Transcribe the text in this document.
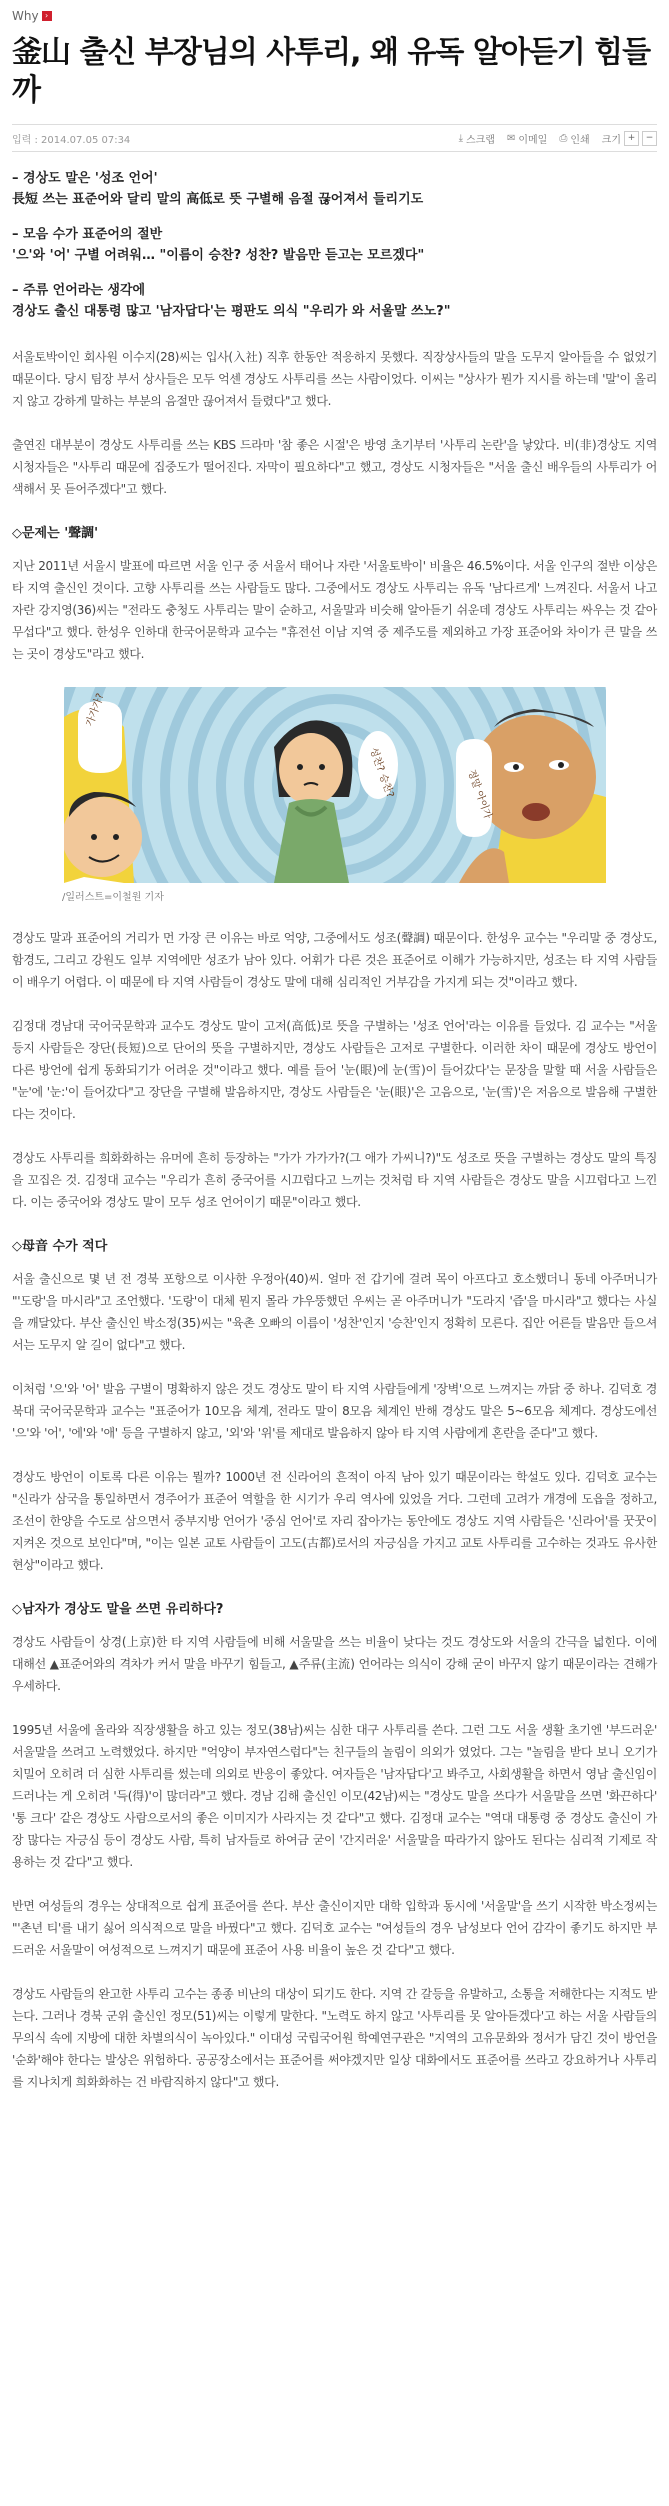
Why ›
釜山 출신 부장님의 사투리, 왜 유독 알아듣기 힘들까
입력 : 2014.07.05 07:34	⤓ 스크랩 ✉ 이메일 ⎙ 인쇄 크기 +	−
– 경상도 말은 '성조 언어'
長短 쓰는 표준어와 달리 말의 高低로 뜻 구별해 음절 끊어져서 들리기도
– 모음 수가 표준어의 절반
'으'와 '어' 구별 어려워… "이름이 승찬? 성찬? 발음만 듣고는 모르겠다"
– 주류 언어라는 생각에
경상도 출신 대통령 많고 '남자답다'는 평판도 의식 "우리가 와 서울말 쓰노?"

서울토박이인 회사원 이수지(28)씨는 입사(入社) 직후 한동안 적응하지 못했다. 직장상사들의 말을 도무지 알아들을 수 없었기 때문이다. 당시 팀장 부서 상사들은 모두 억센 경상도 사투리를 쓰는 사람이었다. 이씨는 "상사가 뭔가 지시를 하는데 '말'이 올리지 않고 강하게 말하는 부분의 음절만 끊어져서 들렸다"고 했다.

출연진 대부분이 경상도 사투리를 쓰는 KBS 드라마 '참 좋은 시절'은 방영 초기부터 '사투리 논란'을 낳았다. 비(非)경상도 지역 시청자들은 "사투리 때문에 집중도가 떨어진다. 자막이 필요하다"고 했고, 경상도 시청자들은 "서울 출신 배우들의 사투리가 어색해서 못 듣어주겠다"고 했다.

◇문제는 '聲調'

지난 2011년 서울시 발표에 따르면 서울 인구 중 서울서 태어나 자란 '서울토박이' 비율은 46.5%이다. 서울 인구의 절반 이상은 타 지역 출신인 것이다. 고향 사투리를 쓰는 사람들도 많다. 그중에서도 경상도 사투리는 유독 '남다르게' 느껴진다. 서울서 나고 자란 강지영(36)씨는 "전라도 충청도 사투리는 말이 순하고, 서울말과 비슷해 알아듣기 쉬운데 경상도 사투리는 싸우는 것 같아 무섭다"고 했다. 한성우 인하대 한국어문학과 교수는 "휴전선 이남 지역 중 제주도를 제외하고 가장 표준어와 차이가 큰 말을 쓰는 곳이 경상도"라고 했다.

가가가?
성찬? 승찬?	정말 아이가
/일러스트=이철원 기자

경상도 말과 표준어의 거리가 먼 가장 큰 이유는 바로 억양, 그중에서도 성조(聲調) 때문이다. 한성우 교수는 "우리말 중 경상도, 함경도, 그리고 강원도 일부 지역에만 성조가 남아 있다. 어휘가 다른 것은 표준어로 이해가 가능하지만, 성조는 타 지역 사람들이 배우기 어렵다. 이 때문에 타 지역 사람들이 경상도 말에 대해 심리적인 거부감을 가지게 되는 것"이라고 했다.

김정대 경남대 국어국문학과 교수도 경상도 말이 고저(高低)로 뜻을 구별하는 '성조 언어'라는 이유를 들었다. 김 교수는 "서울 등지 사람들은 장단(長短)으로 단어의 뜻을 구별하지만, 경상도 사람들은 고저로 구별한다. 이러한 차이 때문에 경상도 방언이 다른 방언에 쉽게 동화되기가 어려운 것"이라고 했다. 예를 들어 '눈(眼)에 눈(雪)이 들어갔다'는 문장을 말할 때 서울 사람들은 "눈'에 '눈:'이 들어갔다"고 장단을 구별해 발음하지만, 경상도 사람들은 '눈(眼)'은 고음으로, '눈(雪)'은 저음으로 발음해 구별한다는 것이다.

경상도 사투리를 희화화하는 유머에 흔히 등장하는 "가가 가가가?(그 애가 가씨니?)"도 성조로 뜻을 구별하는 경상도 말의 특징을 꼬집은 것. 김정대 교수는 "우리가 흔히 중국어를 시끄럽다고 느끼는 것처럼 타 지역 사람들은 경상도 말을 시끄럽다고 느낀다. 이는 중국어와 경상도 말이 모두 성조 언어이기 때문"이라고 했다.

◇母音 수가 적다

서울 출신으로 몇 년 전 경북 포항으로 이사한 우정아(40)씨. 얼마 전 갑기에 걸려 목이 아프다고 호소했더니 동네 아주머니가 "'도랑'을 마시라"고 조언했다. '도랑'이 대체 뭔지 몰라 갸우뚱했던 우씨는 곧 아주머니가 "도라지 '즙'을 마시라"고 했다는 사실을 깨달았다. 부산 출신인 박소정(35)씨는 "육촌 오빠의 이름이 '성찬'인지 '승찬'인지 정확히 모른다. 집안 어른들 발음만 들으셔서는 도무지 알 길이 없다"고 했다.

이처럼 '으'와 '어' 발음 구별이 명확하지 않은 것도 경상도 말이 타 지역 사람들에게 '장벽'으로 느껴지는 까닭 중 하나. 김덕호 경북대 국어국문학과 교수는 "표준어가 10모음 체계, 전라도 말이 8모음 체계인 반해 경상도 말은 5~6모음 체계다. 경상도에선 '으'와 '어', '에'와 '애' 등을 구별하지 않고, '외'와 '위'를 제대로 발음하지 않아 타 지역 사람에게 혼란을 준다"고 했다.

경상도 방언이 이토록 다른 이유는 뭘까? 1000년 전 신라어의 흔적이 아직 남아 있기 때문이라는 학설도 있다. 김덕호 교수는 "신라가 삼국을 통일하면서 경주어가 표준어 역할을 한 시기가 우리 역사에 있었을 거다. 그런데 고려가 개경에 도읍을 정하고, 조선이 한양을 수도로 삼으면서 중부지방 언어가 '중심 언어'로 자리 잡아가는 동안에도 경상도 지역 사람들은 '신라어'를 꿋꿋이 지켜온 것으로 보인다"며, "이는 일본 교토 사람들이 고도(古都)로서의 자긍심을 가지고 교토 사투리를 고수하는 것과도 유사한 현상"이라고 했다.

◇남자가 경상도 말을 쓰면 유리하다?

경상도 사람들이 상경(上京)한 타 지역 사람들에 비해 서울말을 쓰는 비율이 낮다는 것도 경상도와 서울의 간극을 넓힌다. 이에 대해선 ▲표준어와의 격차가 커서 말을 바꾸기 힘들고, ▲주류(主流) 언어라는 의식이 강해 굳이 바꾸지 않기 때문이라는 견해가 우세하다.

1995년 서울에 올라와 직장생활을 하고 있는 정모(38남)씨는 심한 대구 사투리를 쓴다. 그런 그도 서울 생활 초기엔 '부드러운' 서울말을 쓰려고 노력했었다. 하지만 "억양이 부자연스럽다"는 친구들의 놀림이 의외가 였었다. 그는 "놀림을 받다 보니 오기가 치밀어 오히려 더 심한 사투리를 썼는데 의외로 반응이 좋았다. 여자들은 '남자답다'고 봐주고, 사회생활을 하면서 영남 출신임이 드러나는 게 오히려 '득(得)'이 많더라"고 했다. 경남 김해 출신인 이모(42남)씨는 "경상도 말을 쓰다가 서울말을 쓰면 '화끈하다' '통 크다' 같은 경상도 사람으로서의 좋은 이미지가 사라지는 것 같다"고 했다. 김정대 교수는 "역대 대통령 중 경상도 출신이 가장 많다는 자긍심 등이 경상도 사람, 특히 남자들로 하여금 굳이 '간지러운' 서울말을 따라가지 않아도 된다는 심리적 기제로 작용하는 것 같다"고 했다.

반면 여성들의 경우는 상대적으로 쉽게 표준어를 쓴다. 부산 출신이지만 대학 입학과 동시에 '서울말'을 쓰기 시작한 박소정씨는 "'촌년 티'를 내기 싫어 의식적으로 말을 바꿨다"고 했다. 김덕호 교수는 "여성들의 경우 남성보다 언어 감각이 좋기도 하지만 부드러운 서울말이 여성적으로 느껴지기 때문에 표준어 사용 비율이 높은 것 같다"고 했다.

경상도 사람들의 완고한 사투리 고수는 종종 비난의 대상이 되기도 한다. 지역 간 갈등을 유발하고, 소통을 저해한다는 지적도 받는다. 그러나 경북 군위 출신인 정모(51)씨는 이렇게 말한다. "노력도 하지 않고 '사투리를 못 알아듣겠다'고 하는 서울 사람들의 무의식 속에 지방에 대한 차별의식이 녹아있다." 이대성 국립국어원 학예연구관은 "지역의 고유문화와 정서가 담긴 것이 방언을 '순화'해야 한다는 발상은 위험하다. 공공장소에서는 표준어를 써야겠지만 일상 대화에서도 표준어를 쓰라고 강요하거나 사투리를 지나치게 희화화하는 건 바람직하지 않다"고 했다.
